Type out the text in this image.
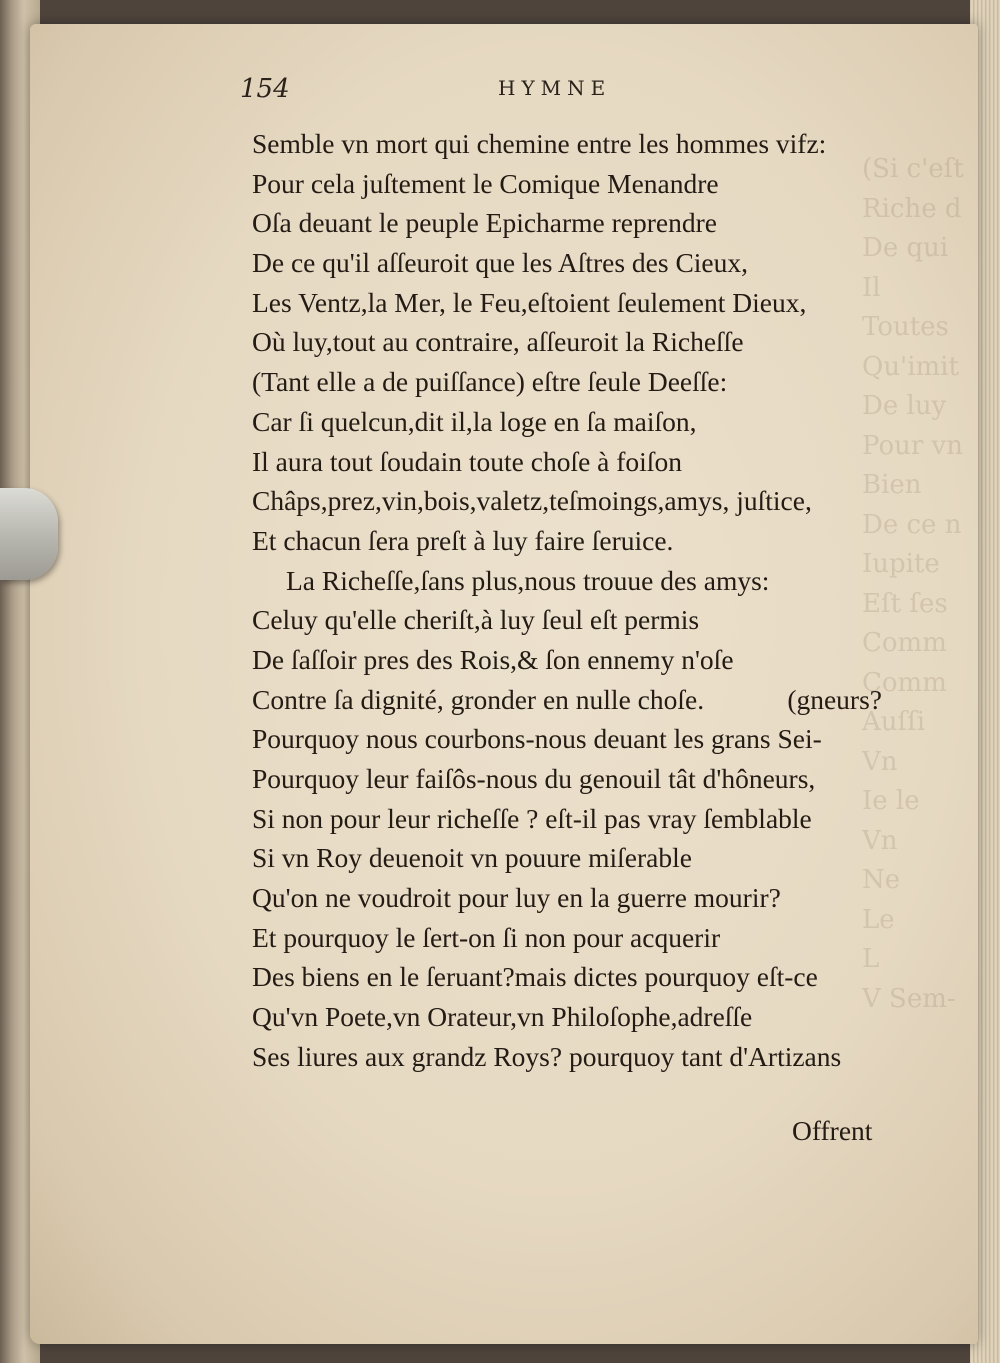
(Si c'eſt
Riche d
De qui
Il
Toutes
Qu'imit
De luy
Pour vn
Bien
De ce n
Iupite
Eſt ſes
Comm
Comm
Auſſi
Vn
Ie le
Vn
Ne
Le
L
V Sem-
154	HYMNE
Semble vn mort qui chemine entre les hommes vifz:
Pour cela juſtement le Comique Menandre
Oſa deuant le peuple Epicharme reprendre
De ce qu'il aſſeuroit que les Aſtres des Cieux,
Les Ventz,la Mer, le Feu,eſtoient ſeulement Dieux,
Où luy,tout au contraire, aſſeuroit la Richeſſe
(Tant elle a de puiſſance) eſtre ſeule Deeſſe:
Car ſi quelcun,dit il,la loge en ſa maiſon,
Il aura tout ſoudain toute choſe à foiſon
Châps,prez,vin,bois,valetz,teſmoings,amys, juſtice,
Et chacun ſera preſt à luy faire ſeruice.
La Richeſſe,ſans plus,nous trouue des amys:
Celuy qu'elle cheriſt,à luy ſeul eſt permis
De ſaſſoir pres des Rois,& ſon ennemy n'oſe
Contre ſa dignité, gronder en nulle choſe.	(gneurs?
Pourquoy nous courbons-nous deuant les grans Sei-
Pourquoy leur faiſôs-nous du genouil tât d'hôneurs,
Si non pour leur richeſſe ? eſt-il pas vray ſemblable
Si vn Roy deuenoit vn pouure miſerable
Qu'on ne voudroit pour luy en la guerre mourir?
Et pourquoy le ſert-on ſi non pour acquerir
Des biens en le ſeruant?mais dictes pourquoy eſt-ce
Qu'vn Poete,vn Orateur,vn Philoſophe,adreſſe
Ses liures aux grandz Roys? pourquoy tant d'Artizans
Offrent
